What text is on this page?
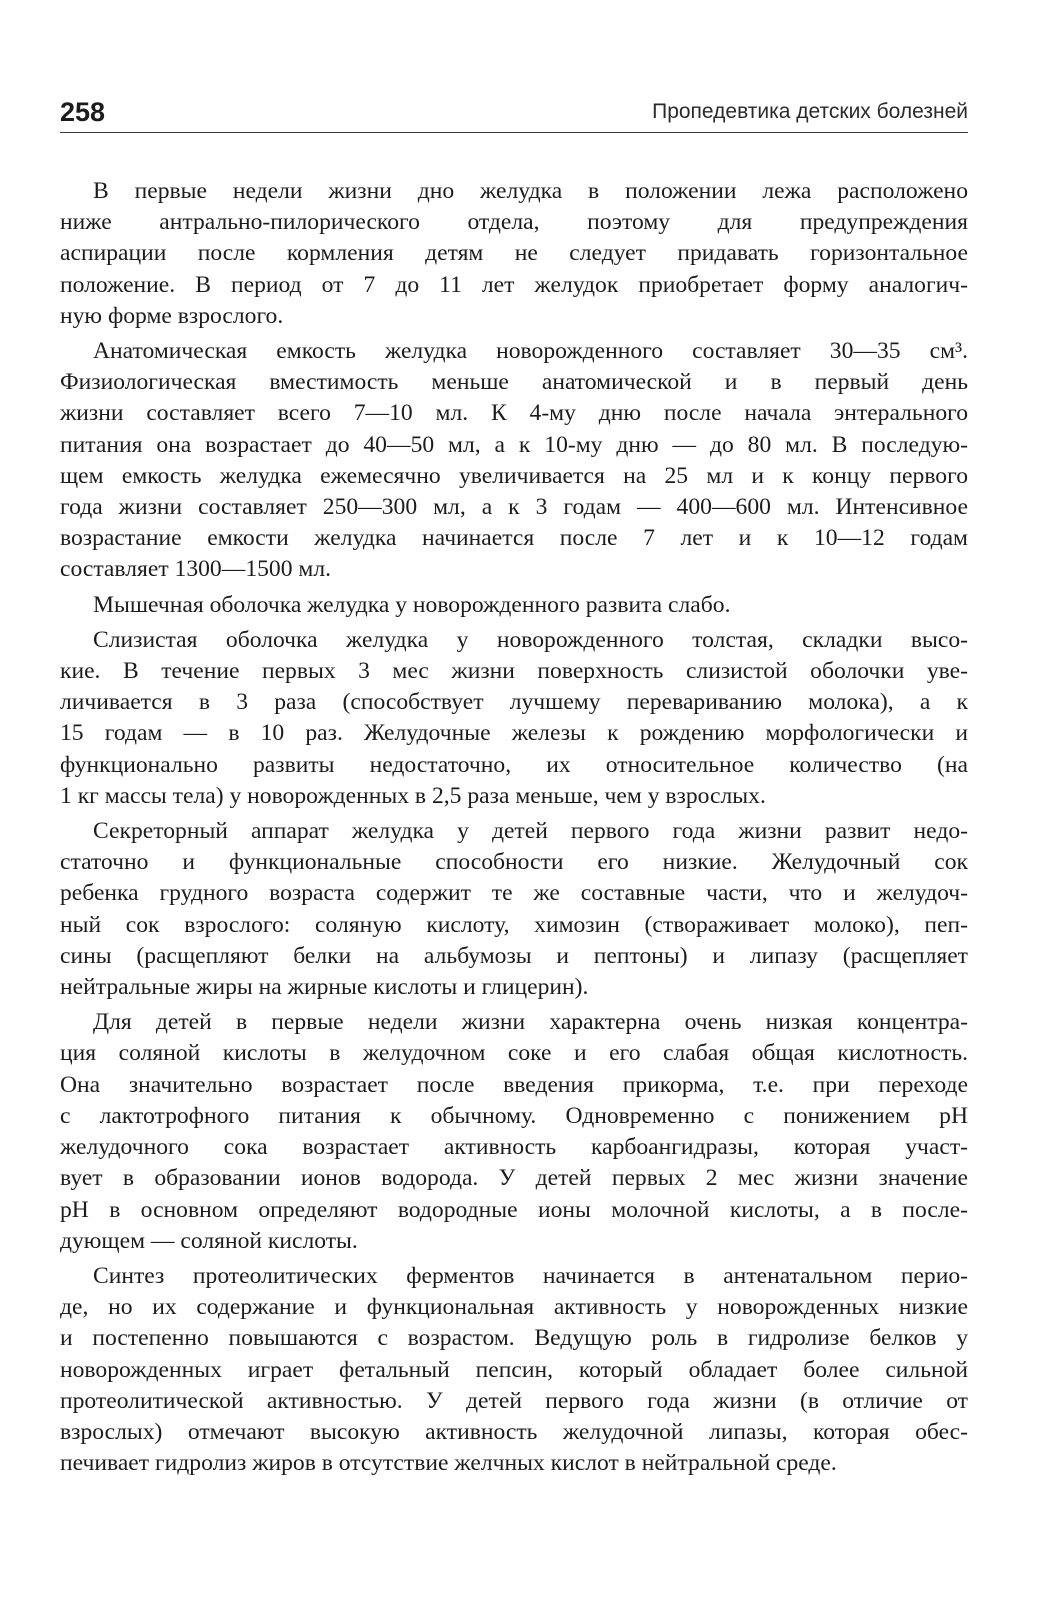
258	Пропедевтика детских болезней

В первые недели жизни дно желудка в положении лежа расположено
ниже антрально-пилорического отдела, поэтому для предупреждения
аспирации после кормления детям не следует придавать горизонтальное
положение. В период от 7 до 11 лет желудок приобретает форму аналогич-
ную форме взрослого.

Анатомическая емкость желудка новорожденного составляет 30—35 см³.
Физиологическая вместимость меньше анатомической и в первый день
жизни составляет всего 7—10 мл. К 4-му дню после начала энтерального
питания она возрастает до 40—50 мл, а к 10-му дню — до 80 мл. В последую-
щем емкость желудка ежемесячно увеличивается на 25 мл и к концу первого
года жизни составляет 250—300 мл, а к 3 годам — 400—600 мл. Интенсивное
возрастание емкости желудка начинается после 7 лет и к 10—12 годам
составляет 1300—1500 мл.

Мышечная оболочка желудка у новорожденного развита слабо.

Слизистая оболочка желудка у новорожденного толстая, складки высо-
кие. В течение первых 3 мес жизни поверхность слизистой оболочки уве-
личивается в 3 раза (способствует лучшему перевариванию молока), а к
15 годам — в 10 раз. Желудочные железы к рождению морфологически и
функционально развиты недостаточно, их относительное количество (на
1 кг массы тела) у новорожденных в 2,5 раза меньше, чем у взрослых.

Секреторный аппарат желудка у детей первого года жизни развит недо-
статочно и функциональные способности его низкие. Желудочный сок
ребенка грудного возраста содержит те же составные части, что и желудоч-
ный сок взрослого: соляную кислоту, химозин (створаживает молоко), пеп-
сины (расщепляют белки на альбумозы и пептоны) и липазу (расщепляет
нейтральные жиры на жирные кислоты и глицерин).

Для детей в первые недели жизни характерна очень низкая концентра-
ция соляной кислоты в желудочном соке и его слабая общая кислотность.
Она значительно возрастает после введения прикорма, т.е. при переходе
с лактотрофного питания к обычному. Одновременно с понижением pH
желудочного сока возрастает активность карбоангидразы, которая участ-
вует в образовании ионов водорода. У детей первых 2 мес жизни значение
pH в основном определяют водородные ионы молочной кислоты, а в после-
дующем — соляной кислоты.

Синтез протеолитических ферментов начинается в антенатальном перио-
де, но их содержание и функциональная активность у новорожденных низкие
и постепенно повышаются с возрастом. Ведущую роль в гидролизе белков у
новорожденных играет фетальный пепсин, который обладает более сильной
протеолитической активностью. У детей первого года жизни (в отличие от
взрослых) отмечают высокую активность желудочной липазы, которая обес-
печивает гидролиз жиров в отсутствие желчных кислот в нейтральной среде.
